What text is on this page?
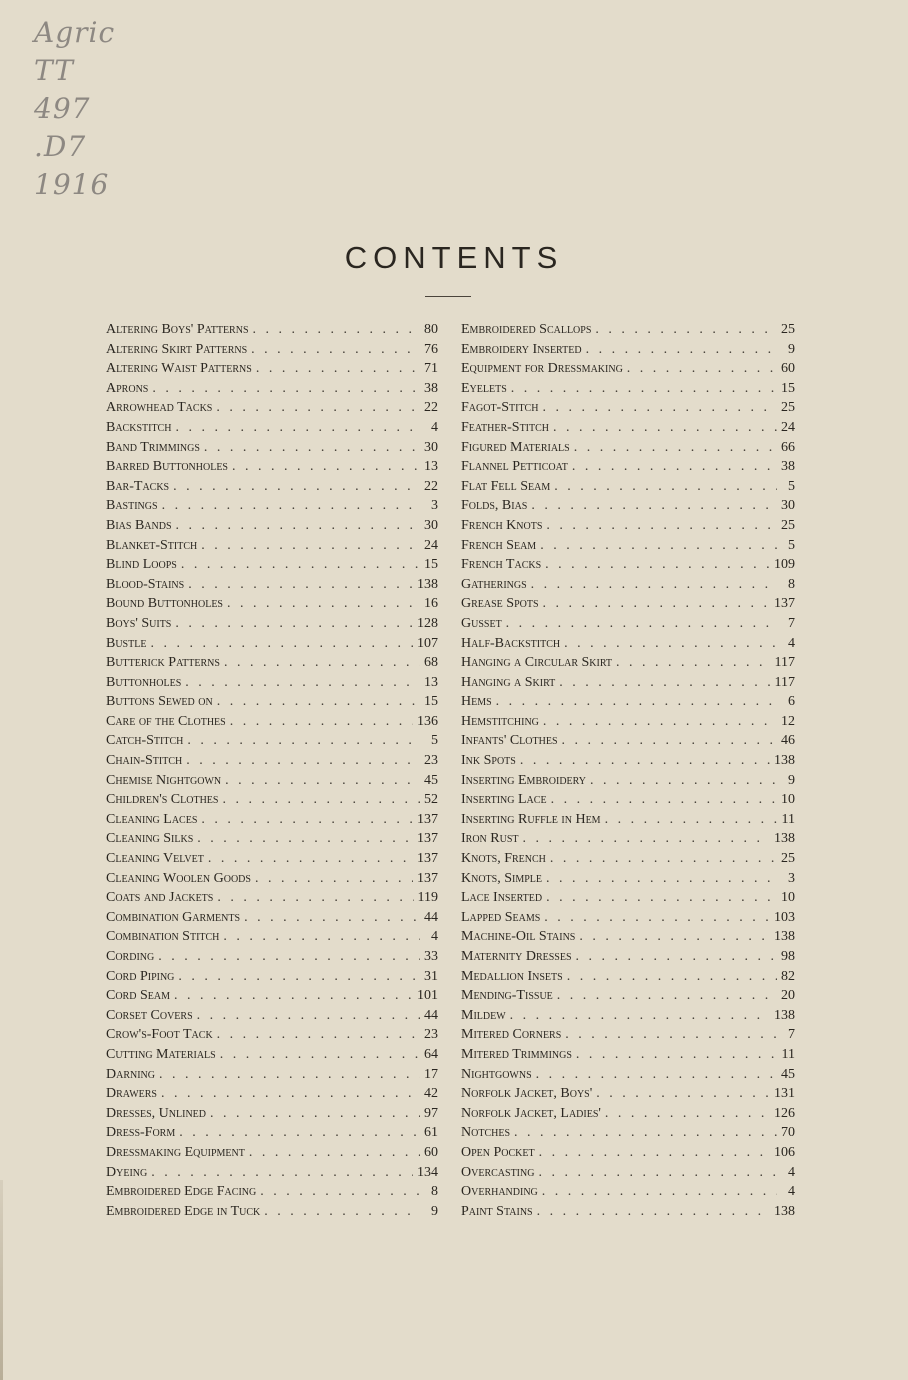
Agric
TT
497
.D7
1916
CONTENTS
Altering Boys' Patterns . . .	80
Altering Skirt Patterns . . .	76
Altering Waist Patterns . . .	71
Aprons . . .	38
Arrowhead Tacks . . .	22
Backstitch . . .	4
Band Trimmings . . .	30
Barred Buttonholes . . .	13
Bar-Tacks . . .	22
Bastings . . .	3
Bias Bands . . .	30
Blanket-Stitch . . .	24
Blind Loops . . .	15
Blood-Stains . . .	138
Bound Buttonholes . . .	16
Boys' Suits . . .	128
Bustle . . .	107
Butterick Patterns . . .	68
Buttonholes . . .	13
Buttons Sewed on . . .	15
Care of the Clothes . . .	136
Catch-Stitch . . .	5
Chain-Stitch . . .	23
Chemise Nightgown . . .	45
Children's Clothes . . .	52
Cleaning Laces . . .	137
Cleaning Silks . . .	137
Cleaning Velvet . . .	137
Cleaning Woolen Goods . . .	137
Coats and Jackets . . .	119
Combination Garments . . .	44
Combination Stitch . . .	4
Cording . . .	33
Cord Piping . . .	31
Cord Seam . . .	101
Corset Covers . . .	44
Crow's-Foot Tack . . .	23
Cutting Materials . . .	64
Darning . . .	17
Drawers . . .	42
Dresses, Unlined . . .	97
Dress-Form . . .	61
Dressmaking Equipment . . .	60
Dyeing . . .	134
Embroidered Edge Facing . . .	8
Embroidered Edge in Tuck . . .	9
Embroidered Scallops . . .	25
Embroidery Inserted . . .	9
Equipment for Dressmaking . . .	60
Eyelets . . .	15
Fagot-Stitch . . .	25
Feather-Stitch . . .	24
Figured Materials . . .	66
Flannel Petticoat . . .	38
Flat Fell Seam . . .	5
Folds, Bias . . .	30
French Knots . . .	25
French Seam . . .	5
French Tacks . . .	109
Gatherings . . .	8
Grease Spots . . .	137
Gusset . . .	7
Half-Backstitch . . .	4
Hanging a Circular Skirt . . .	117
Hanging a Skirt . . .	117
Hems . . .	6
Hemstitching . . .	12
Infants' Clothes . . .	46
Ink Spots . . .	138
Inserting Embroidery . . .	9
Inserting Lace . . .	10
Inserting Ruffle in Hem . . .	11
Iron Rust . . .	138
Knots, French . . .	25
Knots, Simple . . .	3
Lace Inserted . . .	10
Lapped Seams . . .	103
Machine-Oil Stains . . .	138
Maternity Dresses . . .	98
Medallion Insets . . .	82
Mending-Tissue . . .	20
Mildew . . .	138
Mitered Corners . . .	7
Mitered Trimmings . . .	11
Nightgowns . . .	45
Norfolk Jacket, Boys' . . .	131
Norfolk Jacket, Ladies' . . .	126
Notches . . .	70
Open Pocket . . .	106
Overcasting . . .	4
Overhanding . . .	4
Paint Stains . . .	138
